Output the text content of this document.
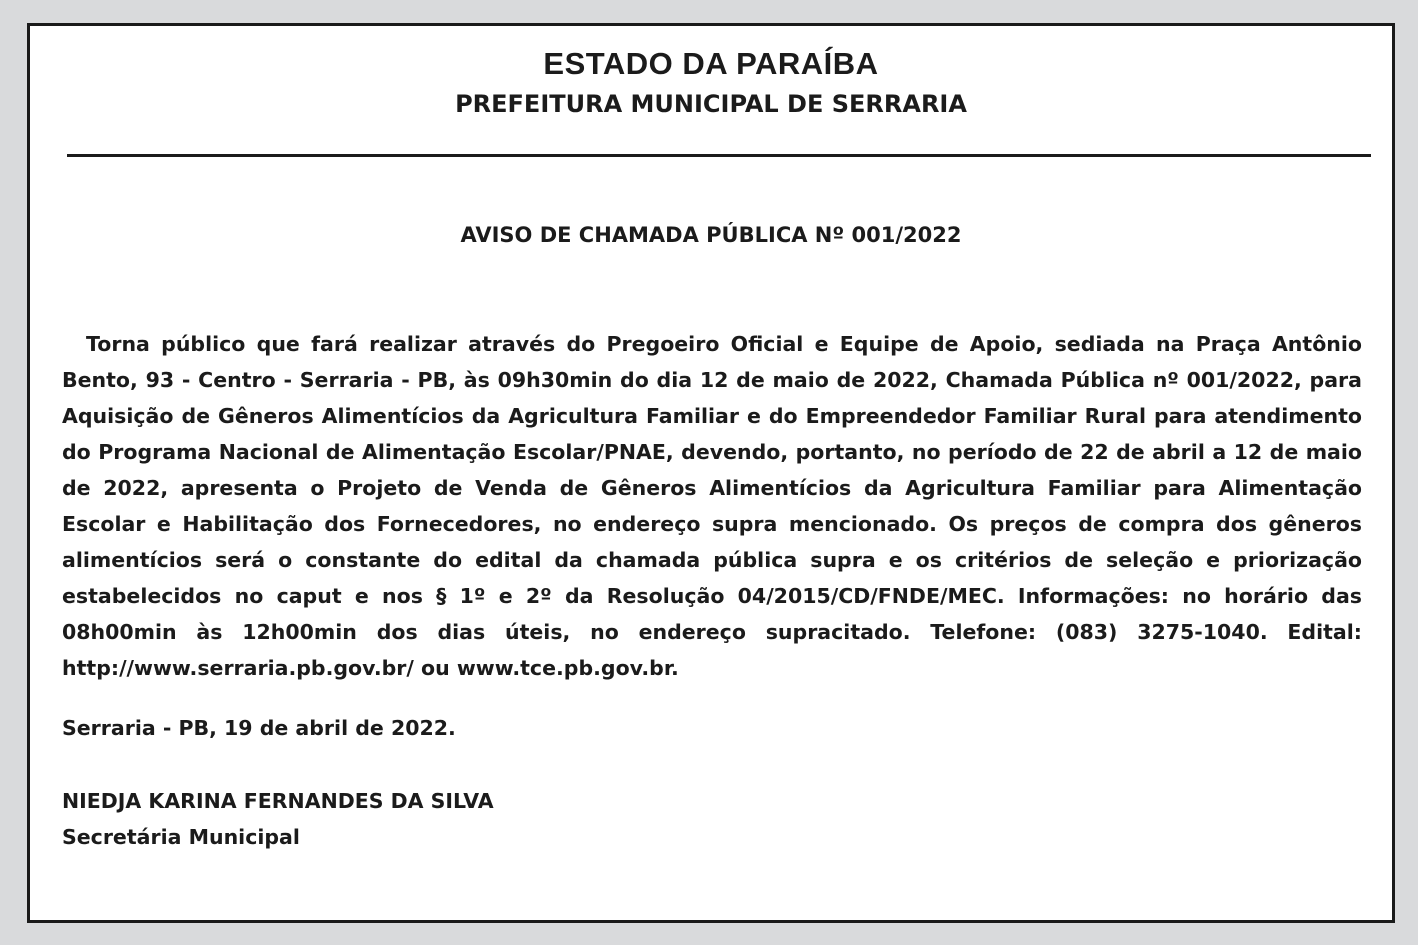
ESTADO DA PARAÍBA
PREFEITURA MUNICIPAL DE SERRARIA
AVISO DE CHAMADA PÚBLICA Nº 001/2022

Torna público que fará realizar através do Pregoeiro Oficial e Equipe de Apoio, sediada na Praça Antônio Bento, 93 - Centro - Serraria - PB, às 09h30min do dia 12 de maio de 2022, Chamada Pública nº 001/2022, para Aquisição de Gêneros Alimentícios da Agricultura Familiar e do Empreendedor Familiar Rural para atendimento do Programa Nacional de Alimentação Escolar/PNAE, devendo, portanto, no período de 22 de abril a 12 de maio de 2022, apresenta o Projeto de Venda de Gêneros Alimentícios da Agricultura Familiar para Alimentação Escolar e Habilitação dos Fornecedores, no endereço supra mencionado. Os preços de compra dos gêneros alimentícios será o constante do edital da chamada pública supra e os critérios de seleção e priorização estabelecidos no caput e nos § 1º e 2º da Resolução 04/2015/CD/FNDE/MEC. Informações: no horário das 08h00min às 12h00min dos dias úteis, no endereço supracitado. Telefone: (083) 3275-1040. Edital: http://www.serraria.pb.gov.br/ ou www.tce.pb.gov.br.

Serraria - PB, 19 de abril de 2022.
NIEDJA KARINA FERNANDES DA SILVA
Secretária Municipal
